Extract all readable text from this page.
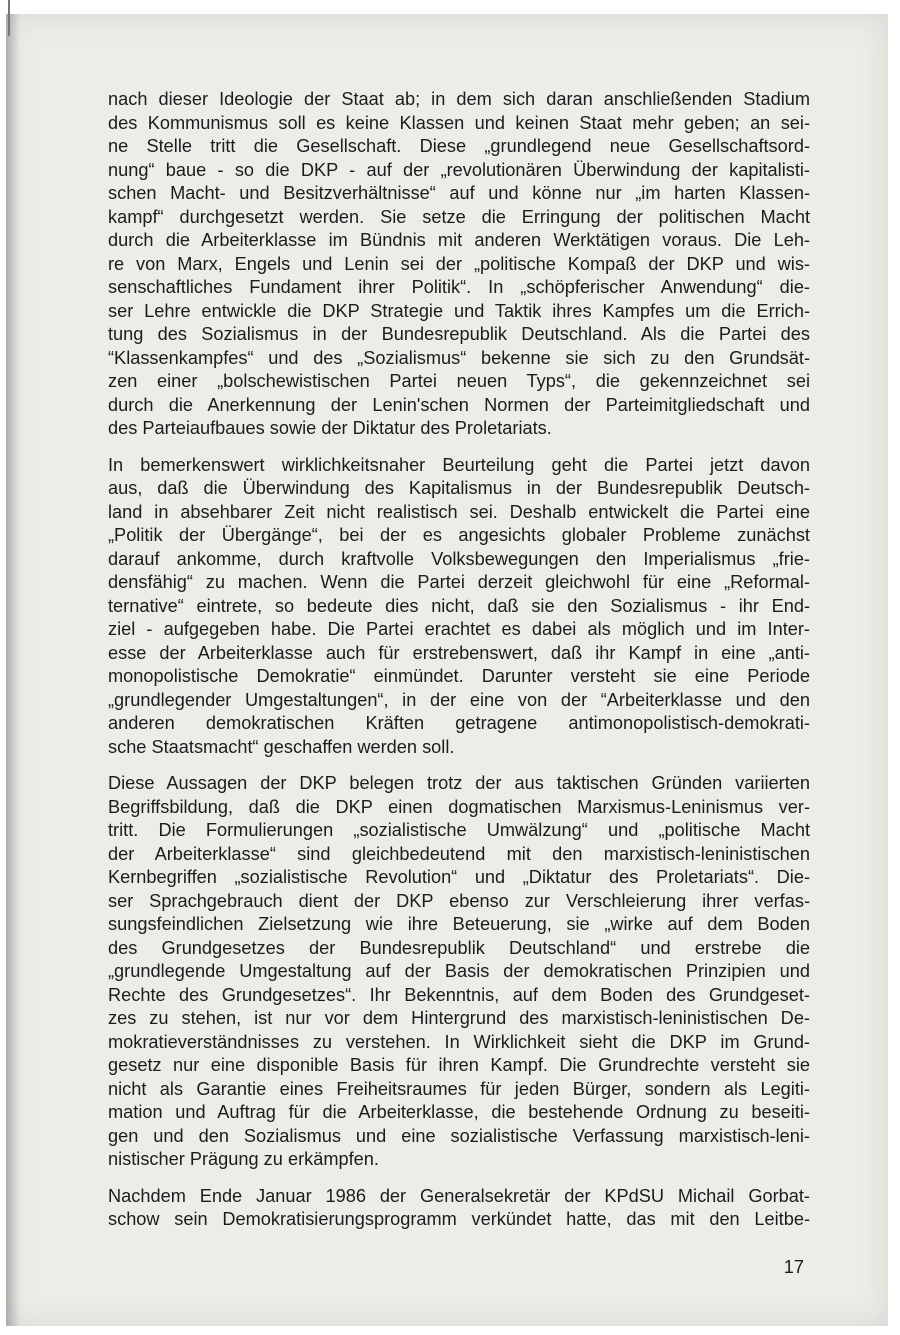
nach dieser Ideologie der Staat ab; in dem sich daran anschließenden Stadium
des Kommunismus soll es keine Klassen und keinen Staat mehr geben; an sei-
ne Stelle tritt die Gesellschaft. Diese „grundlegend neue Gesellschaftsord-
nung“ baue - so die DKP - auf der „revolutionären Überwindung der kapitalisti-
schen Macht- und Besitzverhältnisse“ auf und könne nur „im harten Klassen-
kampf“ durchgesetzt werden. Sie setze die Erringung der politischen Macht
durch die Arbeiterklasse im Bündnis mit anderen Werktätigen voraus. Die Leh-
re von Marx, Engels und Lenin sei der „politische Kompaß der DKP und wis-
senschaftliches Fundament ihrer Politik“. In „schöpferischer Anwendung“ die-
ser Lehre entwickle die DKP Strategie und Taktik ihres Kampfes um die Errich-
tung des Sozialismus in der Bundesrepublik Deutschland. Als die Partei des
“Klassenkampfes“ und des „Sozialismus“ bekenne sie sich zu den Grundsät-
zen einer „bolschewistischen Partei neuen Typs“, die gekennzeichnet sei
durch die Anerkennung der Lenin'schen Normen der Parteimitgliedschaft und
des Parteiaufbaues sowie der Diktatur des Proletariats.
In bemerkenswert wirklichkeitsnaher Beurteilung geht die Partei jetzt davon
aus, daß die Überwindung des Kapitalismus in der Bundesrepublik Deutsch-
land in absehbarer Zeit nicht realistisch sei. Deshalb entwickelt die Partei eine
„Politik der Übergänge“, bei der es angesichts globaler Probleme zunächst
darauf ankomme, durch kraftvolle Volksbewegungen den Imperialismus „frie-
densfähig“ zu machen. Wenn die Partei derzeit gleichwohl für eine „Reformal-
ternative“ eintrete, so bedeute dies nicht, daß sie den Sozialismus - ihr End-
ziel - aufgegeben habe. Die Partei erachtet es dabei als möglich und im Inter-
esse der Arbeiterklasse auch für erstrebenswert, daß ihr Kampf in eine „anti-
monopolistische Demokratie“ einmündet. Darunter versteht sie eine Periode
„grundlegender Umgestaltungen“, in der eine von der “Arbeiterklasse und den
anderen demokratischen Kräften getragene antimonopolistisch-demokrati-
sche Staatsmacht“ geschaffen werden soll.
Diese Aussagen der DKP belegen trotz der aus taktischen Gründen variierten
Begriffsbildung, daß die DKP einen dogmatischen Marxismus-Leninismus ver-
tritt. Die Formulierungen „sozialistische Umwälzung“ und „politische Macht
der Arbeiterklasse“ sind gleichbedeutend mit den marxistisch-leninistischen
Kernbegriffen „sozialistische Revolution“ und „Diktatur des Proletariats“. Die-
ser Sprachgebrauch dient der DKP ebenso zur Verschleierung ihrer verfas-
sungsfeindlichen Zielsetzung wie ihre Beteuerung, sie „wirke auf dem Boden
des Grundgesetzes der Bundesrepublik Deutschland“ und erstrebe die
„grundlegende Umgestaltung auf der Basis der demokratischen Prinzipien und
Rechte des Grundgesetzes“. Ihr Bekenntnis, auf dem Boden des Grundgeset-
zes zu stehen, ist nur vor dem Hintergrund des marxistisch-leninistischen De-
mokratieverständnisses zu verstehen. In Wirklichkeit sieht die DKP im Grund-
gesetz nur eine disponible Basis für ihren Kampf. Die Grundrechte versteht sie
nicht als Garantie eines Freiheitsraumes für jeden Bürger, sondern als Legiti-
mation und Auftrag für die Arbeiterklasse, die bestehende Ordnung zu beseiti-
gen und den Sozialismus und eine sozialistische Verfassung marxistisch-leni-
nistischer Prägung zu erkämpfen.
Nachdem Ende Januar 1986 der Generalsekretär der KPdSU Michail Gorbat-
schow sein Demokratisierungsprogramm verkündet hatte, das mit den Leitbe-
17
